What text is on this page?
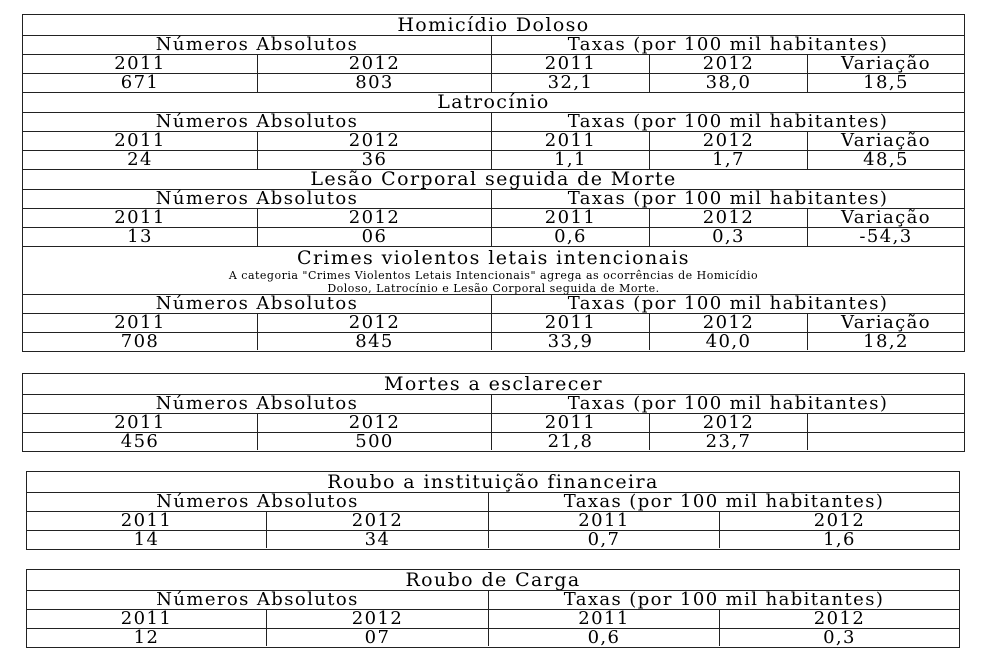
Homicídio Doloso
Números Absolutos	Taxas (por 100 mil habitantes)
2011	2012	2011	2012	Variação
671	803	32,1	38,0	18,5
Latrocínio
Números Absolutos	Taxas (por 100 mil habitantes)
2011	2012	2011	2012	Variação
24	36	1,1	1,7	48,5
Lesão Corporal seguida de Morte
Números Absolutos	Taxas (por 100 mil habitantes)
2011	2012	2011	2012	Variação
13	06	0,6	0,3	-54,3
Crimes violentos letais intencionais
A categoria "Crimes Violentos Letais Intencionais" agrega as ocorrências de Homicídio
Doloso, Latrocínio e Lesão Corporal seguida de Morte.
Números Absolutos	Taxas (por 100 mil habitantes)
2011	2012	2011	2012	Variação
708	845	33,9	40,0	18,2
Mortes a esclarecer
Números Absolutos	Taxas (por 100 mil habitantes)
2011	2012	2011	2012
456	500	21,8	23,7
Roubo a instituição financeira
Números Absolutos	Taxas (por 100 mil habitantes)
2011	2012	2011	2012
14	34	0,7	1,6
Roubo de Carga
Números Absolutos	Taxas (por 100 mil habitantes)
2011	2012	2011	2012
12	07	0,6	0,3
